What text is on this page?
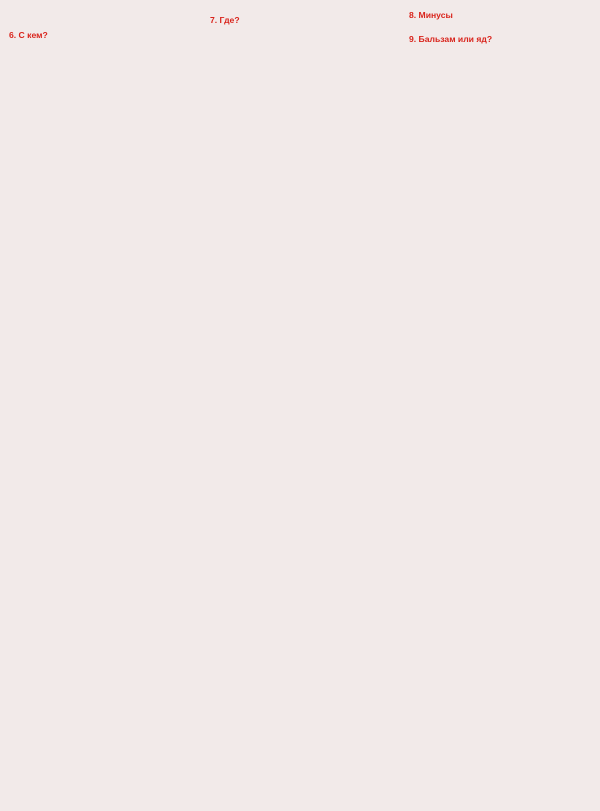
6. С кем?

7. Где?	8. Минусы

9. Бальзам или яд?
